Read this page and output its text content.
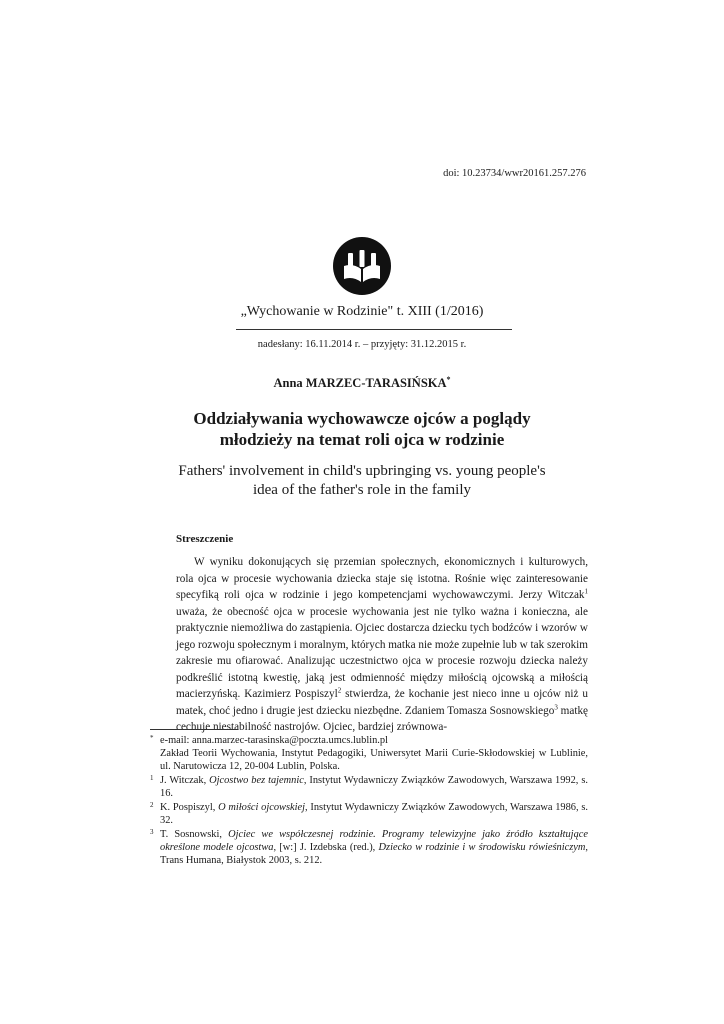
doi: 10.23734/wwr20161.257.276
„Wychowanie w Rodzinie" t. XIII (1/2016)
nadesłany: 16.11.2014 r. – przyjęty: 31.12.2015 r.
Anna MARZEC-TARASIŃSKA*
Oddziaływania wychowawcze ojców a poglądy
młodzieży na temat roli ojca w rodzinie
Fathers' involvement in child's upbringing vs. young people's
idea of the father's role in the family
Streszczenie

W wyniku dokonujących się przemian społecznych, ekonomicznych i kulturowych, rola ojca w procesie wychowania dziecka staje się istotna. Rośnie więc zainteresowanie specyfiką roli ojca w rodzinie i jego kompetencjami wychowawczymi. Jerzy Witczak$^1$ uważa, że obecność ojca w procesie wychowania jest nie tylko ważna i konieczna, ale praktycznie niemożliwa do zastąpienia. Ojciec dostarcza dziecku tych bodźców i wzorów w jego rozwoju społecznym i moralnym, których matka nie może zupełnie lub w tak szerokim zakresie mu ofiarować. Analizując uczestnictwo ojca w procesie rozwoju dziecka należy podkreślić istotną kwestię, jaką jest odmienność między miłością ojcowską a miłością macierzyńską. Kazimierz Pospiszyl$^2$ stwierdza, że kochanie jest nieco inne u ojców niż u matek, choć jedno i drugie jest dziecku niezbędne. Zdaniem Tomasza Sosnowskiego$^3$ matkę cechuje niestabilność nastrojów. Ojciec, bardziej zrównowa-

* e-mail: anna.marzec-tarasinska@poczta.umcs.lublin.pl
Zakład Teorii Wychowania, Instytut Pedagogiki, Uniwersytet Marii Curie-Skłodowskiej w Lublinie, ul. Narutowicza 12, 20-004 Lublin, Polska.
1 J. Witczak, Ojcostwo bez tajemnic, Instytut Wydawniczy Związków Zawodowych, Warszawa 1992, s. 16.
2 K. Pospiszyl, O miłości ojcowskiej, Instytut Wydawniczy Związków Zawodowych, Warszawa 1986, s. 32.
3 T. Sosnowski, Ojciec we współczesnej rodzinie. Programy telewizyjne jako źródło kształtujące określone modele ojcostwa, [w:] J. Izdebska (red.), Dziecko w rodzinie i w środowisku rówieśniczym, Trans Humana, Białystok 2003, s. 212.
